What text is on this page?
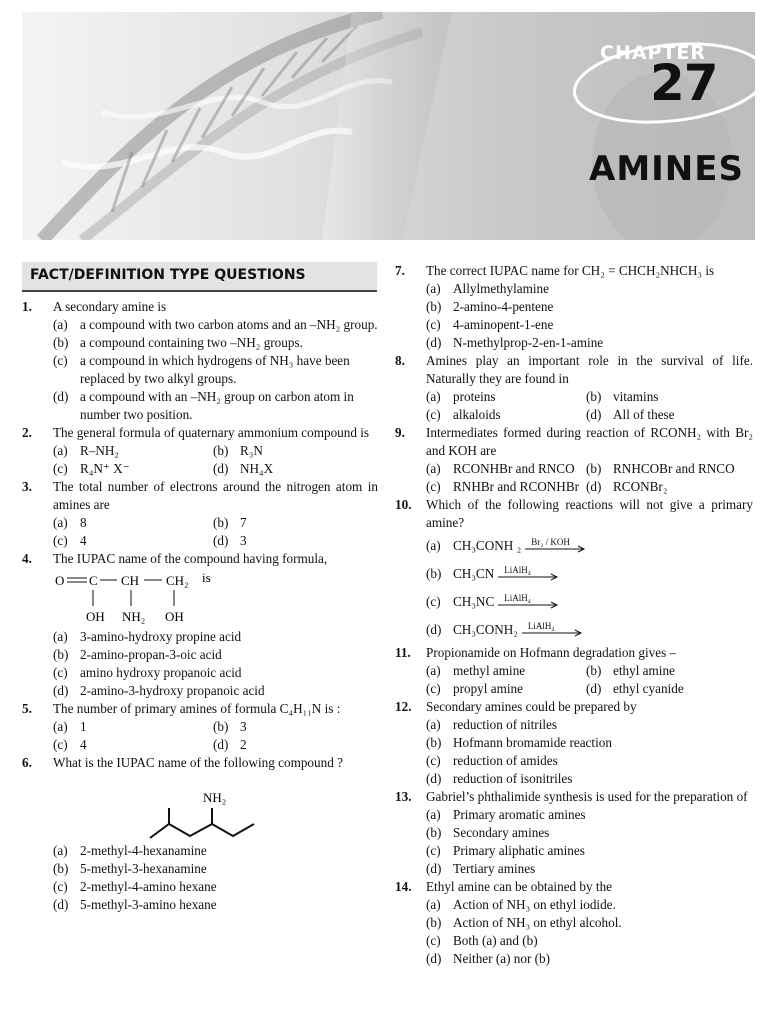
CHAPTER
27
AMINES
FACT/DEFINITION TYPE QUESTIONS
1. A secondary amine is
(a) a compound with two carbon atoms and an –NH₂ group.
(b) a compound containing two –NH₂ groups.
(c) a compound in which hydrogens of NH₃ have been replaced by two alkyl groups.
(d) a compound with an –NH₂ group on carbon atom in number two position.
2. The general formula of quaternary ammonium compound is
(a) R–NH₂	(b) R₃N
(c) R₄N⁺ X⁻	(d) NH₄X
3. The total number of electrons around the nitrogen atom in amines are
(a) 8	(b) 7
(c) 4	(d) 3
4. The IUPAC name of the compound having formula,
O C CH CH₂ is
OH NH₂ OH
(a) 3-amino-hydroxy propine acid
(b) 2-amino-propan-3-oic acid
(c) amino hydroxy propanoic acid
(d) 2-amino-3-hydroxy propanoic acid
5. The number of primary amines of formula C₄H₁₁N is :
(a) 1	(b) 3
(c) 4	(d) 2
6. What is the IUPAC name of the following compound ?
NH₂
(a) 2-methyl-4-hexanamine
(b) 5-methyl-3-hexanamine
(c) 2-methyl-4-amino hexane
(d) 5-methyl-3-amino hexane
7. The correct IUPAC name for CH₂ = CHCH₂NHCH₃ is
(a) Allylmethylamine
(b) 2-amino-4-pentene
(c) 4-aminopent-1-ene
(d) N-methylprop-2-en-1-amine
8. Amines play an important role in the survival of life. Naturally they are found in
(a) proteins	(b) vitamins
(c) alkaloids	(d) All of these
9. Intermediates formed during reaction of RCONH₂ with Br₂ and KOH are
(a) RCONHBr and RNCO (b) RNHCOBr and RNCO
(c) RNHBr and RCONHBr (d) RCONBr₂
10. Which of the following reactions will not give a primary amine?
(a) CH₃CONH ₂ Br₂ / KOH
(b) CH₃CN LiAlH₄
(c) CH₃NC LiAlH₄
(d) CH₃CONH₂ LiAlH₄
11. Propionamide on Hofmann degradation gives –
(a) methyl amine	(b) ethyl amine
(c) propyl amine	(d) ethyl cyanide
12. Secondary amines could be prepared by
(a) reduction of nitriles
(b) Hofmann bromamide reaction
(c) reduction of amides
(d) reduction of isonitriles
13. Gabriel’s phthalimide synthesis is used for the preparation of
(a) Primary aromatic amines
(b) Secondary amines
(c) Primary aliphatic amines
(d) Tertiary amines
14. Ethyl amine can be obtained by the
(a) Action of NH₃ on ethyl iodide.
(b) Action of NH₃ on ethyl alcohol.
(c) Both (a) and (b)
(d) Neither (a) nor (b)
